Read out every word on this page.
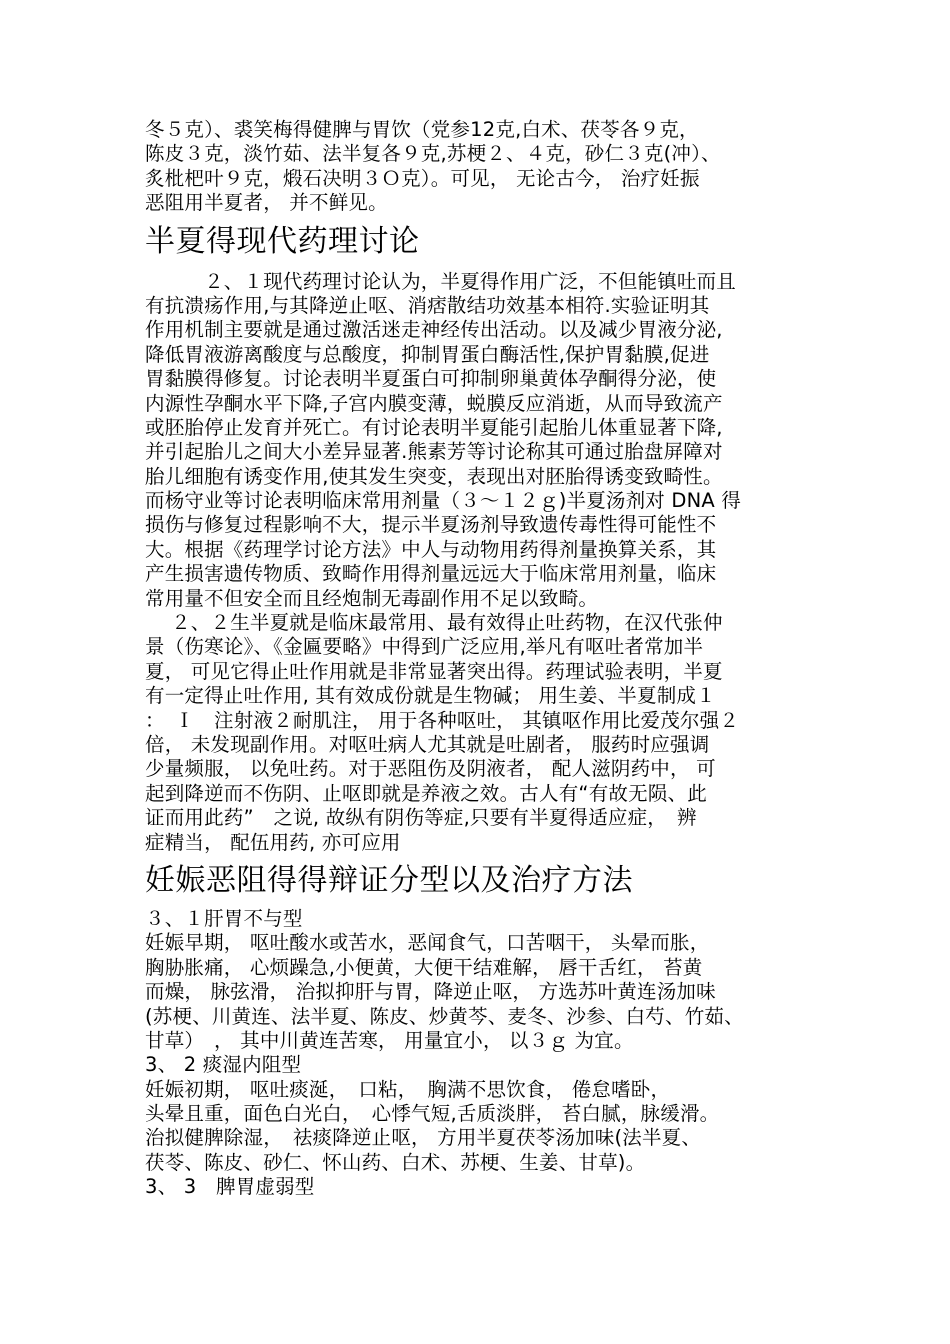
冬５克）、裘笑梅得健脾与胃饮（党参12克,白术、茯苓各９克，
陈皮３克，淡竹茹、法半复各９克,苏梗２、４克，砂仁３克(冲）、
炙枇杷叶９克，煅石决明３Ｏ克）。可见， 无论古今， 治疗妊振
恶阻用半夏者， 并不鲜见。
半夏得现代药理讨论
　　　２、１现代药理讨论认为，半夏得作用广泛，不但能镇吐而且
有抗溃疡作用,与其降逆止呕、消痞散结功效基本相符.实验证明其
作用机制主要就是通过激活迷走神经传出活动。以及减少胃液分泌,
降低胃液游离酸度与总酸度，抑制胃蛋白酶活性,保护胃黏膜,促进
胃黏膜得修复。讨论表明半夏蛋白可抑制卵巢黄体孕酮得分泌，使
内源性孕酮水平下降,子宫内膜变薄，蜕膜反应消逝，从而导致流产
或胚胎停止发育并死亡。有讨论表明半夏能引起胎儿体重显著下降,
并引起胎儿之间大小差异显著.熊素芳等讨论称其可通过胎盘屏障对
胎儿细胞有诱变作用,使其发生突变，表现出对胚胎得诱变致畸性。
而杨守业等讨论表明临床常用剂量（３～１２ｇ)半夏汤剂对 DNA 得
损伤与修复过程影响不大，提示半夏汤剂导致遗传毒性得可能性不
大。根据《药理学讨论方法》中人与动物用药得剂量换算关系，其
产生损害遗传物质、致畸作用得剂量远远大于临床常用剂量，临床
常用量不但安全而且经炮制无毒副作用不足以致畸。
　 ２、２生半夏就是临床最常用、最有效得止吐药物，在汉代张仲
景（伤寒论》、《金匾要略》中得到广泛应用,举凡有呕吐者常加半
夏， 可见它得止吐作用就是非常显著突出得。药理试验表明，半夏
有一定得止吐作用, 其有效成份就是生物碱； 用生姜、半夏制成１
：　Ｉ　注射液２耐肌注， 用于各种呕吐， 其镇呕作用比爱茂尔强２
倍， 未发现副作用。对呕吐病人尤其就是吐剧者， 服药时应强调
少量频服， 以免吐药。对于恶阻伤及阴液者， 配人滋阴药中， 可
起到降逆而不伤阴、止呕即就是养液之效。古人有“有故无陨、此
证而用此药”　之说, 故纵有阴伤等症,只要有半夏得适应症，　辨
症精当， 配伍用药, 亦可应用
妊娠恶阻得得辩证分型以及治疗方法
３、１肝胃不与型
妊娠早期， 呕吐酸水或苦水，恶闻食气，口苦咽干， 头晕而胀，
胸胁胀痛， 心烦躁急,小便黄，大便干结难解， 唇干舌红， 苔黄
而燥， 脉弦滑， 治拟抑肝与胃，降逆止呕， 方选苏叶黄连汤加味
(苏梗、川黄连、法半夏、陈皮、炒黄芩、麦冬、沙参、白芍、竹茹、
甘草）　， 其中川黄连苦寒， 用量宜小， 以３ｇ 为宜。
3、 2 痰湿内阻型
妊娠初期， 呕吐痰涎，　口粘，　胸满不思饮食， 倦怠嗜卧，
头晕且重，面色白光白，　心悸气短,舌质淡胖， 苔白腻，脉缓滑。
治拟健脾除湿，　祛痰降逆止呕， 方用半夏茯苓汤加味(法半夏、
茯苓、陈皮、砂仁、怀山药、白术、苏梗、生姜、甘草)。
3、 3　脾胃虚弱型
